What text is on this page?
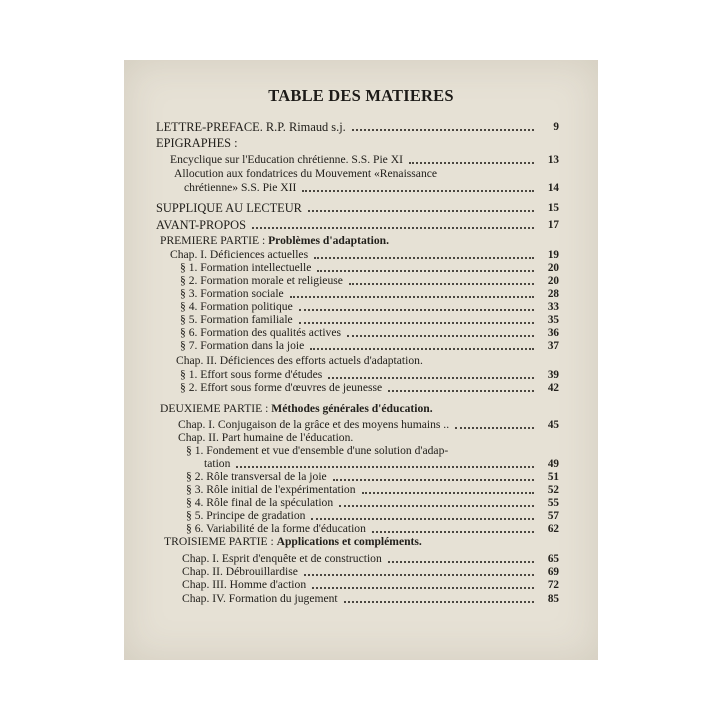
TABLE DES MATIERES
LETTRE-PREFACE. R.P. Rimaud s.j.	9
EPIGRAPHES :
Encyclique sur l'Education chrétienne. S.S. Pie XI	13
Allocution aux fondatrices du Mouvement «Renaissance
chrétienne» S.S. Pie XII	14
SUPPLIQUE AU LECTEUR	15
AVANT-PROPOS	17
PREMIERE PARTIE : Problèmes d'adaptation.
Chap. I. Déficiences actuelles	19
§ 1. Formation intellectuelle	20
§ 2. Formation morale et religieuse	20
§ 3. Formation sociale	28
§ 4. Formation politique	33
§ 5. Formation familiale	35
§ 6. Formation des qualités actives	36
§ 7. Formation dans la joie	37
Chap. II. Déficiences des efforts actuels d'adaptation.
§ 1. Effort sous forme d'études	39
§ 2. Effort sous forme d'œuvres de jeunesse	42
DEUXIEME PARTIE : Méthodes générales d'éducation.
Chap. I. Conjugaison de la grâce et des moyens humains ..	45
Chap. II. Part humaine de l'éducation.
§ 1. Fondement et vue d'ensemble d'une solution d'adap-
tation	49
§ 2. Rôle transversal de la joie	51
§ 3. Rôle initial de l'expérimentation	52
§ 4. Rôle final de la spéculation	55
§ 5. Principe de gradation	57
§ 6. Variabilité de la forme d'éducation	62
TROISIEME PARTIE : Applications et compléments.
Chap. I. Esprit d'enquête et de construction	65
Chap. II. Débrouillardise	69
Chap. III. Homme d'action	72
Chap. IV. Formation du jugement	85
